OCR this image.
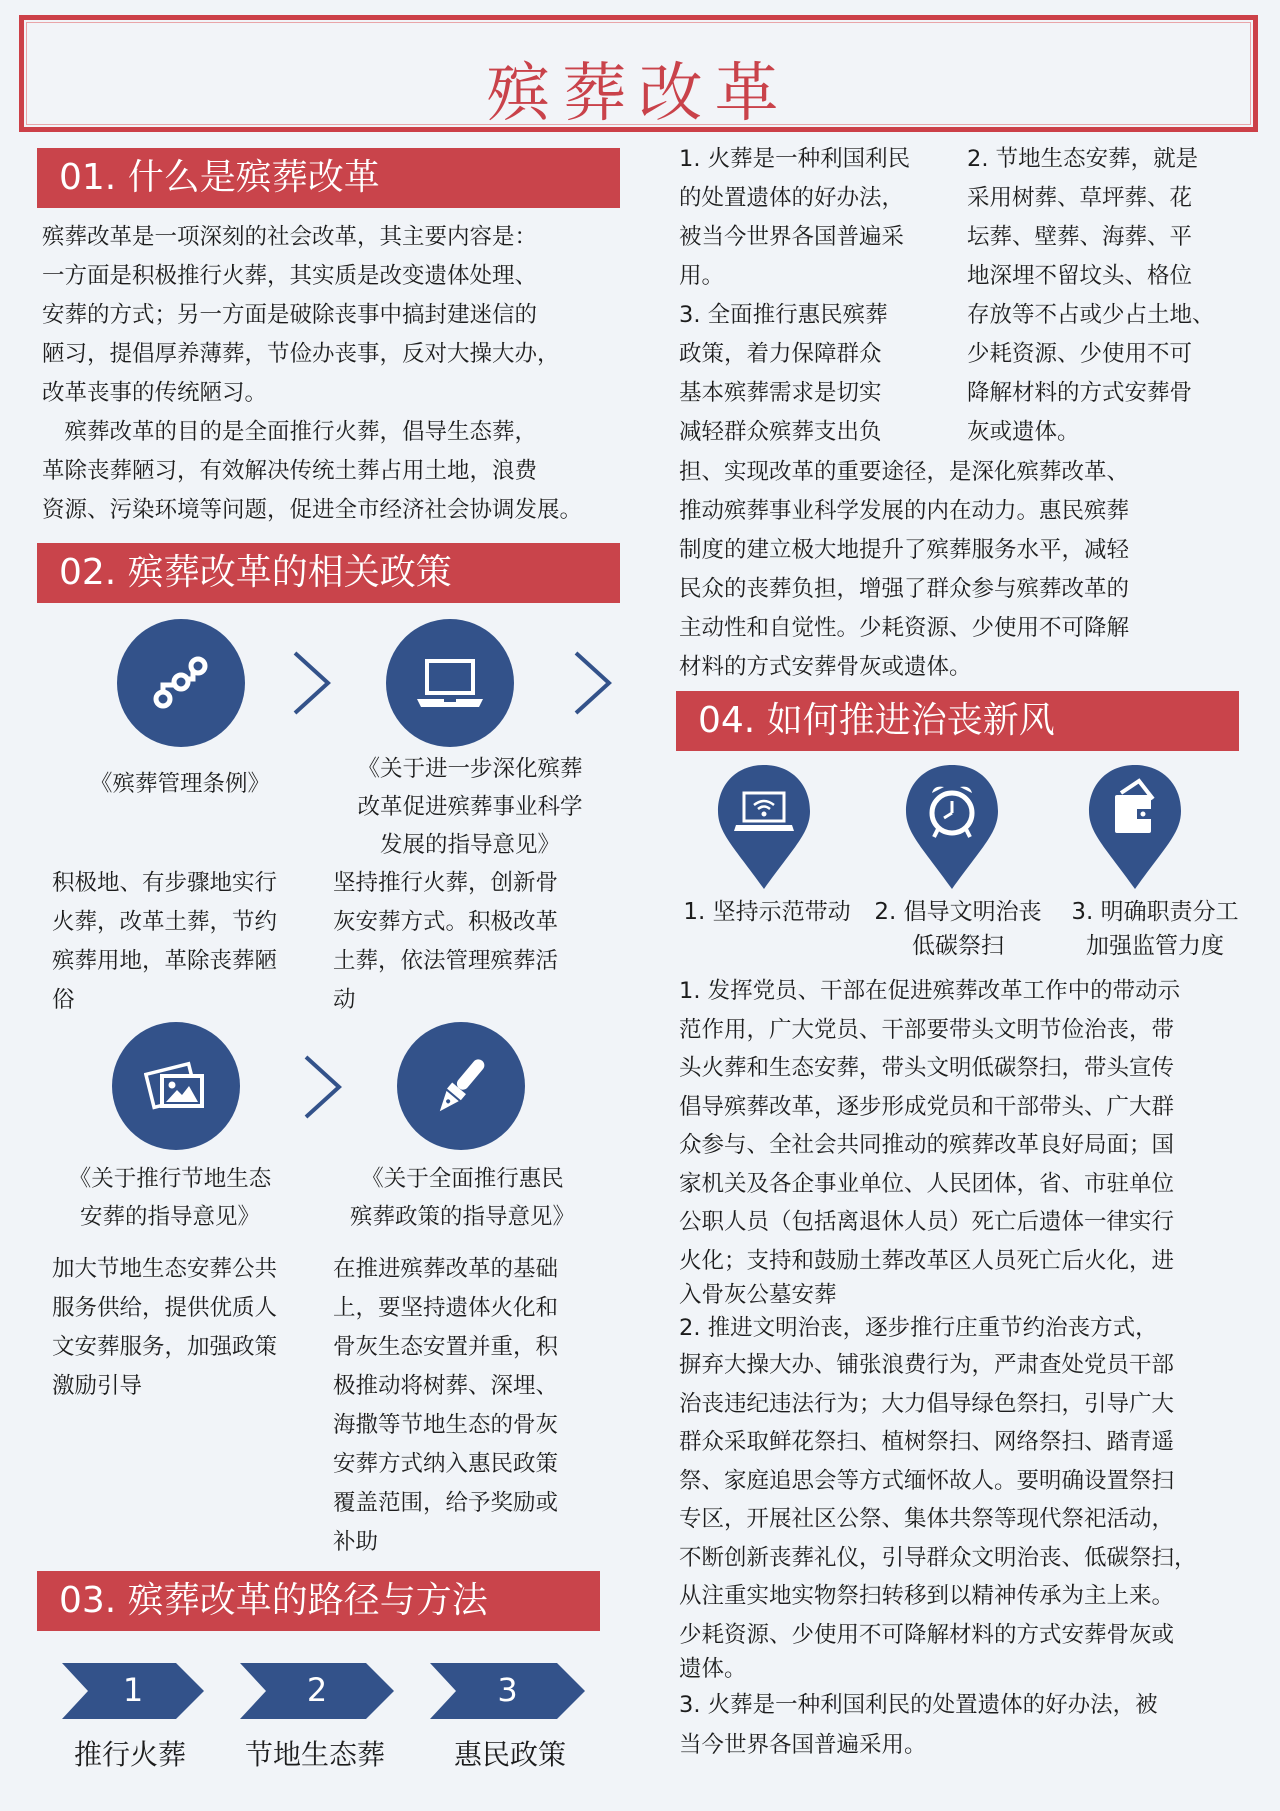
殡葬改革
01. 什么是殡葬改革

殡葬改革是一项深刻的社会改革，其主要内容是：

一方面是积极推行火葬，其实质是改变遗体处理、

安葬的方式；另一方面是破除丧事中搞封建迷信的

陋习，提倡厚养薄葬，节俭办丧事，反对大操大办，

改革丧事的传统陋习。

　殡葬改革的目的是全面推行火葬，倡导生态葬，

革除丧葬陋习，有效解决传统土葬占用土地，浪费

资源、污染环境等问题，促进全市经济社会协调发展。

02. 殡葬改革的相关政策
《殡葬管理条例》
《关于进一步深化殡葬
改革促进殡葬事业科学
发展的指导意见》

积极地、有步骤地实行

火葬，改革土葬，节约

殡葬用地，革除丧葬陋

俗

坚持推行火葬，创新骨

灰安葬方式。积极改革

土葬，依法管理殡葬活

动

《关于推行节地生态
安葬的指导意见》
《关于全面推行惠民
殡葬政策的指导意见》

加大节地生态安葬公共

服务供给，提供优质人

文安葬服务，加强政策

激励引导

在推进殡葬改革的基础

上，要坚持遗体火化和

骨灰生态安置并重，积

极推动将树葬、深埋、

海撒等节地生态的骨灰

安葬方式纳入惠民政策

覆盖范围，给予奖励或

补助

03. 殡葬改革的路径与方法
1	2	3
推行火葬	节地生态葬	惠民政策

1. 火葬是一种利国利民

的处置遗体的好办法，

被当今世界各国普遍采

用。

3. 全面推行惠民殡葬

政策，着力保障群众

基本殡葬需求是切实

减轻群众殡葬支出负

2. 节地生态安葬，就是

采用树葬、草坪葬、花

坛葬、壁葬、海葬、平

地深埋不留坟头、格位

存放等不占或少占土地、

少耗资源、少使用不可

降解材料的方式安葬骨

灰或遗体。

担、实现改革的重要途径，是深化殡葬改革、

推动殡葬事业科学发展的内在动力。惠民殡葬

制度的建立极大地提升了殡葬服务水平，减轻

民众的丧葬负担，增强了群众参与殡葬改革的

主动性和自觉性。少耗资源、少使用不可降解

材料的方式安葬骨灰或遗体。

04. 如何推进治丧新风
1. 坚持示范带动	2. 倡导文明治丧
低碳祭扫
3. 明确职责分工
加强监管力度

1. 发挥党员、干部在促进殡葬改革工作中的带动示

范作用，广大党员、干部要带头文明节俭治丧，带

头火葬和生态安葬，带头文明低碳祭扫，带头宣传

倡导殡葬改革，逐步形成党员和干部带头、广大群

众参与、全社会共同推动的殡葬改革良好局面；国

家机关及各企事业单位、人民团体，省、市驻单位

公职人员（包括离退休人员）死亡后遗体一律实行

火化；支持和鼓励土葬改革区人员死亡后火化，进

入骨灰公墓安葬

2. 推进文明治丧，逐步推行庄重节约治丧方式，

摒弃大操大办、铺张浪费行为，严肃查处党员干部

治丧违纪违法行为；大力倡导绿色祭扫，引导广大

群众采取鲜花祭扫、植树祭扫、网络祭扫、踏青遥

祭、家庭追思会等方式缅怀故人。要明确设置祭扫

专区，开展社区公祭、集体共祭等现代祭祀活动，

不断创新丧葬礼仪，引导群众文明治丧、低碳祭扫，

从注重实地实物祭扫转移到以精神传承为主上来。

少耗资源、少使用不可降解材料的方式安葬骨灰或

遗体。

3. 火葬是一种利国利民的处置遗体的好办法，被

当今世界各国普遍采用。
